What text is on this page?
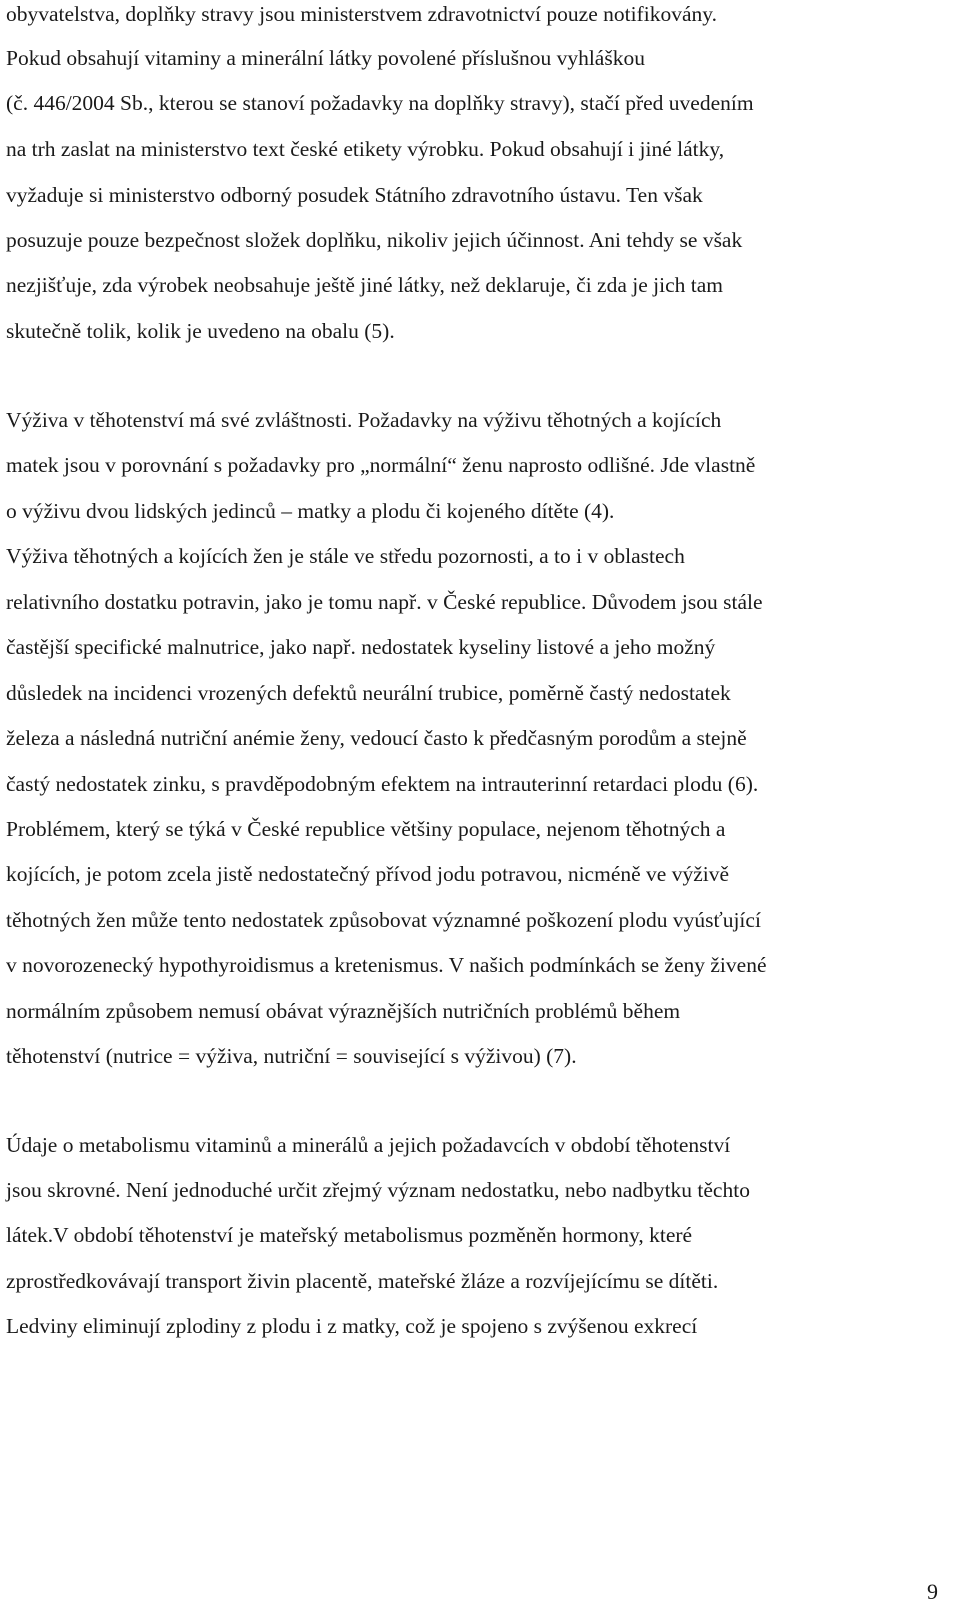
obyvatelstva, doplňky stravy jsou ministerstvem zdravotnictví pouze notifikovány.
Pokud obsahují vitaminy a minerální látky povolené příslušnou vyhláškou
(č. 446/2004 Sb., kterou se stanoví požadavky na doplňky stravy), stačí před uvedením
na trh zaslat na ministerstvo text české etikety výrobku. Pokud obsahují i jiné látky,
vyžaduje si ministerstvo odborný posudek Státního zdravotního ústavu. Ten však
posuzuje pouze bezpečnost složek doplňku, nikoliv jejich účinnost. Ani tehdy se však
nezjišťuje, zda výrobek neobsahuje ještě jiné látky, než deklaruje, či zda je jich tam
skutečně tolik, kolik je uvedeno na obalu (5).
Výživa v těhotenství má své zvláštnosti. Požadavky na výživu těhotných a kojících
matek jsou v porovnání s požadavky pro „normální“ ženu naprosto odlišné. Jde vlastně
o výživu dvou lidských jedinců – matky a plodu či kojeného dítěte (4).
Výživa těhotných a kojících žen je stále ve středu pozornosti, a to i v oblastech
relativního dostatku potravin, jako je tomu např. v České republice. Důvodem jsou stále
častější specifické malnutrice, jako např. nedostatek kyseliny listové a jeho možný
důsledek na incidenci vrozených defektů neurální trubice, poměrně častý nedostatek
železa a následná nutriční anémie ženy, vedoucí často k předčasným porodům a stejně
častý nedostatek zinku, s pravděpodobným efektem na intrauterinní retardaci plodu (6).
Problémem, který se týká v České republice většiny populace, nejenom těhotných a
kojících, je potom zcela jistě nedostatečný přívod jodu potravou, nicméně ve výživě
těhotných žen může tento nedostatek způsobovat významné poškození plodu vyúsťující
v novorozenecký hypothyroidismus a kretenismus. V našich podmínkách se ženy živené
normálním způsobem nemusí obávat výraznějších nutričních problémů během
těhotenství (nutrice = výživa, nutriční = související s výživou) (7).
Údaje o metabolismu vitaminů a minerálů a jejich požadavcích v období těhotenství
jsou skrovné. Není jednoduché určit zřejmý význam nedostatku, nebo nadbytku těchto
látek.V období těhotenství je mateřský metabolismus pozměněn hormony, které
zprostředkovávají transport živin placentě, mateřské žláze a rozvíjejícímu se dítěti.
Ledviny eliminují zplodiny z plodu i z matky, což je spojeno s zvýšenou exkrecí
9
